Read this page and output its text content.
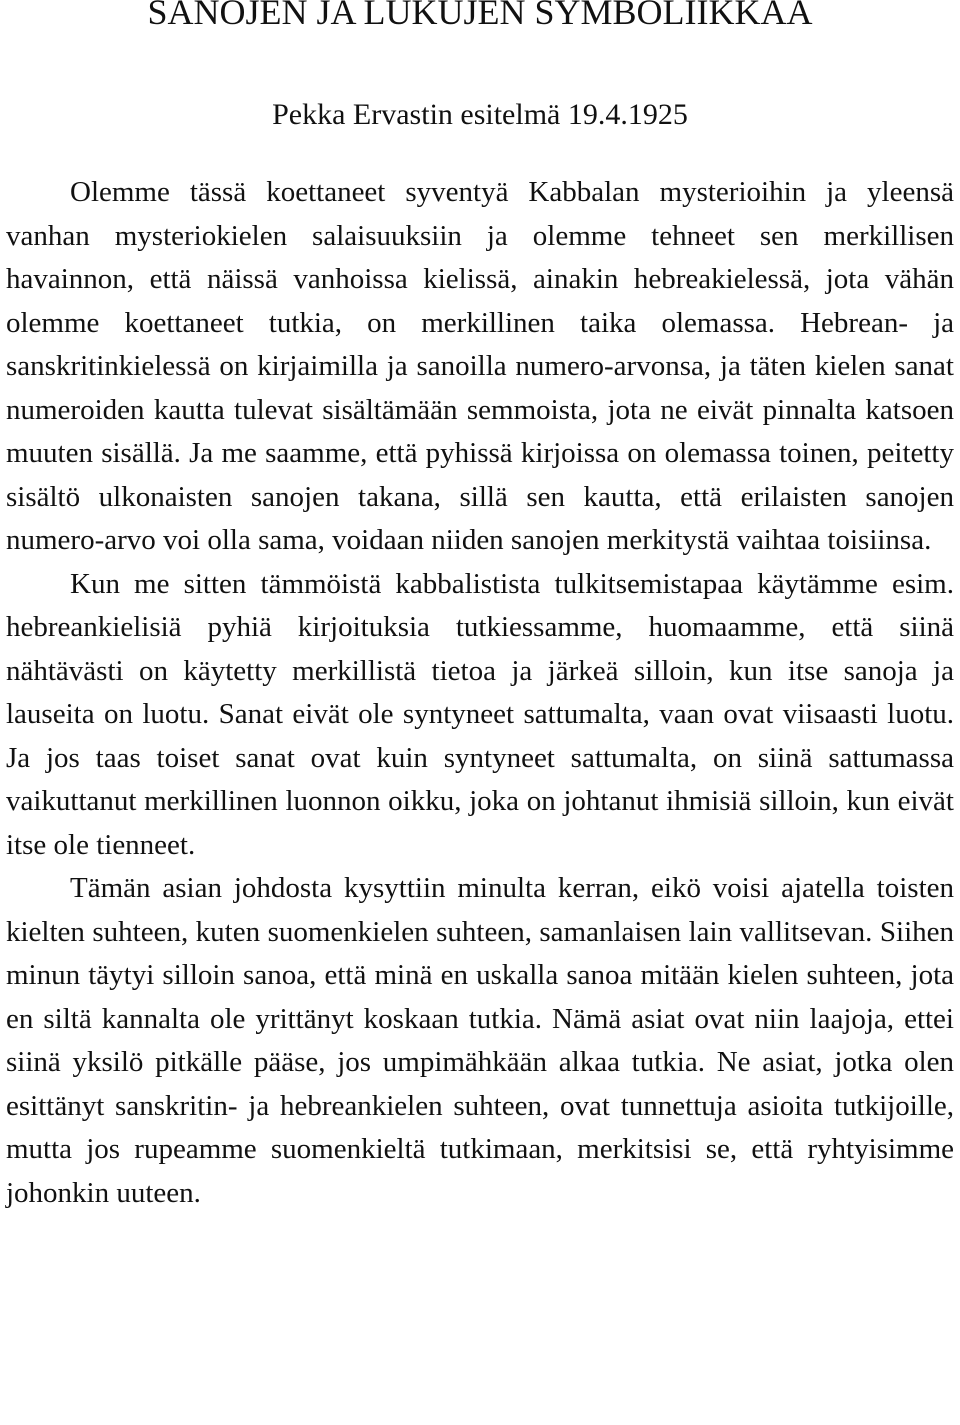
SANOJEN JA LUKUJEN SYMBOLIIKKAA
Pekka Ervastin esitelmä 19.4.1925

Olemme tässä koettaneet syventyä Kabbalan mysterioihin ja yleensä vanhan mysteriokielen salaisuuksiin ja olemme tehneet sen merkillisen havainnon, että näissä vanhoissa kielissä, ainakin hebreakielessä, jota vähän olemme koettaneet tutkia, on merkillinen taika olemassa. Hebrean- ja sanskritinkielessä on kirjaimilla ja sanoilla numero-arvonsa, ja täten kielen sanat numeroiden kautta tulevat sisältämään semmoista, jota ne eivät pinnalta katsoen muuten sisällä. Ja me saamme, että pyhissä kirjoissa on olemassa toinen, peitetty sisältö ulkonaisten sanojen takana, sillä sen kautta, että erilaisten sanojen numero-arvo voi olla sama, voidaan niiden sanojen merkitystä vaihtaa toisiinsa.

Kun me sitten tämmöistä kabbalistista tulkitsemistapaa käytämme esim. hebreankielisiä pyhiä kirjoituksia tutkiessamme, huomaamme, että siinä nähtävästi on käytetty merkillistä tietoa ja järkeä silloin, kun itse sanoja ja lauseita on luotu. Sanat eivät ole syntyneet sattumalta, vaan ovat viisaasti luotu. Ja jos taas toiset sanat ovat kuin syntyneet sattumalta, on siinä sattumassa vaikuttanut merkillinen luonnon oikku, joka on johtanut ihmisiä silloin, kun eivät itse ole tienneet.

Tämän asian johdosta kysyttiin minulta kerran, eikö voisi ajatella toisten kielten suhteen, kuten suomenkielen suhteen, samanlaisen lain vallitsevan. Siihen minun täytyi silloin sanoa, että minä en uskalla sanoa mitään kielen suhteen, jota en siltä kannalta ole yrittänyt koskaan tutkia. Nämä asiat ovat niin laajoja, ettei siinä yksilö pitkälle pääse, jos umpimähkään alkaa tutkia. Ne asiat, jotka olen esittänyt sanskritin- ja hebreankielen suhteen, ovat tunnettuja asioita tutkijoille, mutta jos rupeamme suomenkieltä tutkimaan, merkitsisi se, että ryhtyisimme johonkin uuteen.
